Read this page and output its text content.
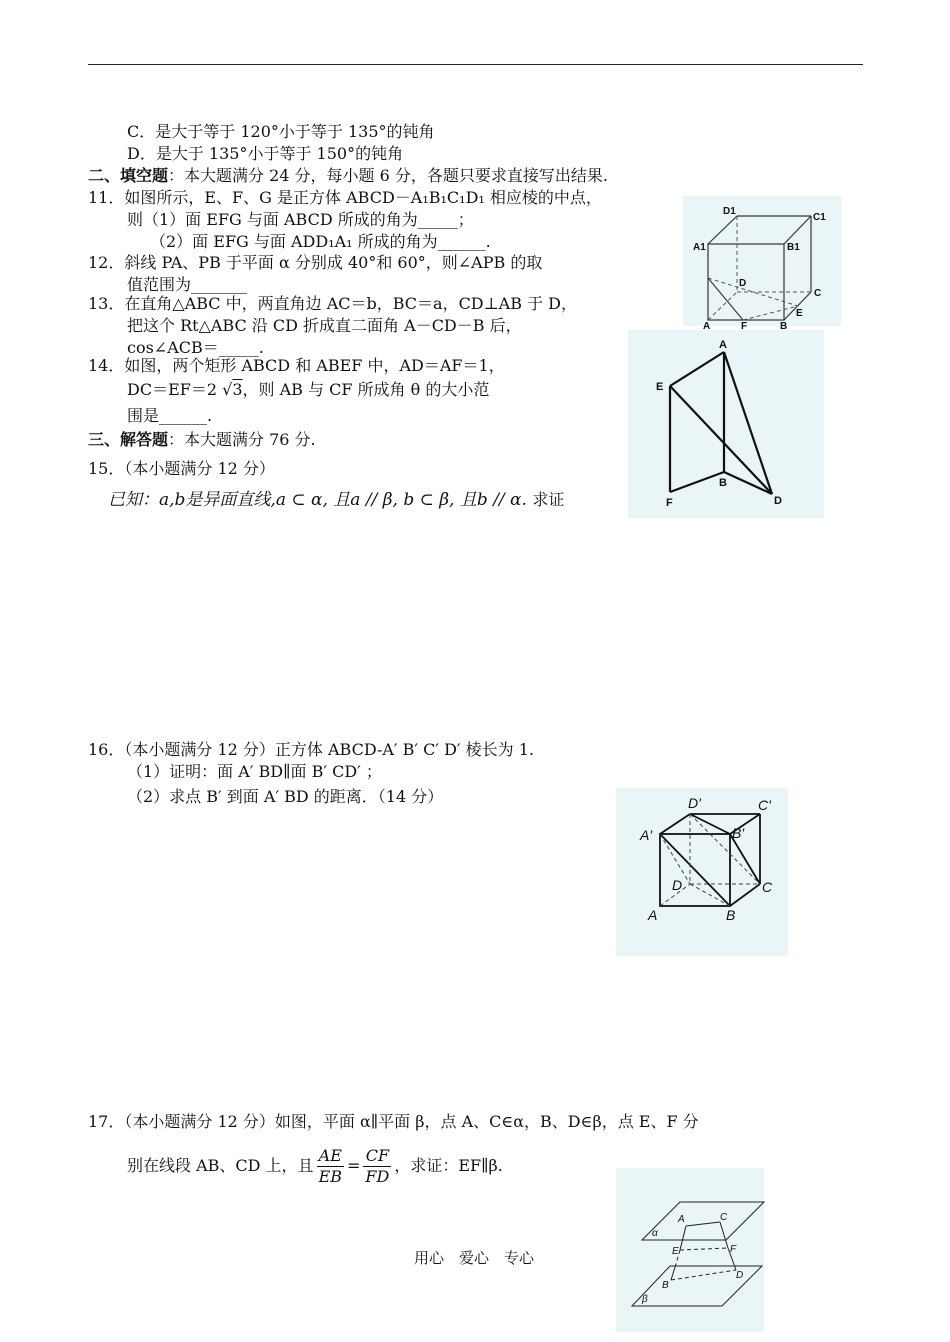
C．是大于等于 120°小于等于 135°的钝角
D．是大于 135°小于等于 150°的钝角
二、填空题：本大题满分 24 分，每小题 6 分，各题只要求直接写出结果.
11．如图所示，E、F、G 是正方体 ABCD－A₁B₁C₁D₁ 相应棱的中点，
则（1）面 EFG 与面 ABCD 所成的角为_____；
（2）面 EFG 与面 ADD₁A₁ 所成的角为______.
12．斜线 PA、PB 于平面 α 分别成 40°和 60°，则∠APB 的取
值范围为_______
13．在直角△ABC 中，两直角边 AC＝b，BC＝a，CD⊥AB 于 D，
把这个 Rt△ABC 沿 CD 折成直二面角 A－CD－B 后，
cos∠ACB＝_____.
14．如图，两个矩形 ABCD 和 ABEF 中，AD＝AF＝1，
DC＝EF＝2 √3，则 AB 与 CF 所成角 θ 的大小范
围是______.
三、解答题：本大题满分 76 分.
15．（本小题满分 12 分）
已知：a,b是异面直线,a ⊂ α, 且a // β, b ⊂ β, 且b // α. 求证
16．（本小题满分 12 分）正方体 ABCD-A′ B′ C′ D′ 棱长为 1.
（1）证明：面 A′ BD∥面 B′ CD′ ；
（2）求点 B′ 到面 A′ BD 的距离．（14 分）
17．（本小题满分 12 分）如图，平面 α∥平面 β，点 A、C∈α，B、D∈β，点 E、F 分
别在线段 AB、CD 上，且 $\frac{AE}{EB} = \frac{CF}{FD}$ ，求证：EF∥β.
D1
C1
A1	B1
D
C
E
A	F	B
A
E
F
B
D
D'	C'
A'	B'
D	C
A	B
A	C
α
E	F
D
B
β
用心　爱心　专心
